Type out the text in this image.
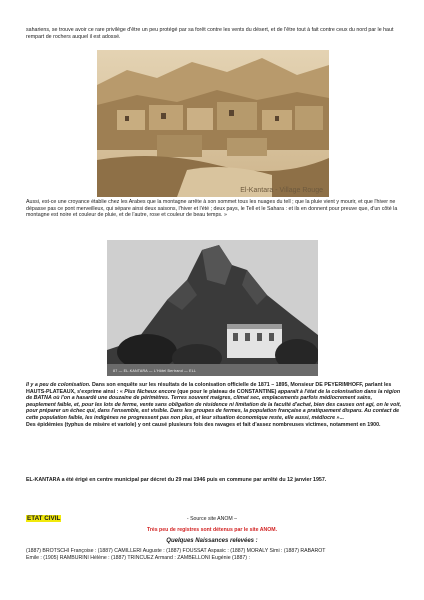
sahariens, se trouve avoir ce rare privilège d'être un peu protégé par sa forêt contre les vents du désert, et de l'être tout à fait contre ceux du nord par le haut rempart de rochers auquel il est adossé.

El-Kantara - Village Rouge

Aussi, est-ce une croyance établie chez les Arabes que la montagne arrête à son sommet tous les nuages du tell ; que la pluie vient y mourir, et que l'hiver ne dépasse pas ce pont merveilleux, qui sépare ainsi deux saisons, l'hiver et l'été ; deux pays, le Tell et le Sahara : et ils en donnent pour preuve que, d'un côté la montagne est noire et couleur de pluie, et de l'autre, rose et couleur de beau temps. »

87 — EL-KANTARA — L'Hôtel Bertrand — ELL

Il y a peu de colonisation. Dans son enquête sur les résultats de la colonisation officielle de 1871 – 1895, Monsieur DE PEYERIMHOFF, parlant les HAUTS-PLATEAUX, s'exprime ainsi : « Plus fâcheux encore (que pour le plateau de CONSTANTINE) apparaît à l'état de la colonisation dans la région de BATNA où l'on a hasardé une douzaine de périmètres. Terres souvent maigres, climat sec, emplacements parfois médiocrement sains, peuplement faible, et, pour les lots de ferme, vente sans obligation de résidence ni limitation de la faculté d'achat, bien des causes ont agi, on le voit, pour préparer un échec qui, dans l'ensemble, est visible. Dans les groupes de fermes, la population française a pratiquement disparu. Au contact de cette population faible, les indigènes ne progressent pas non plus, et leur situation économique reste, elle aussi, médiocre »...
Des épidémies (typhus de misère et variole) y ont causé plusieurs fois des ravages et fait d'assez nombreuses victimes, notamment en 1900.

EL-KANTARA a été érigé en centre municipal par décret du 29 mai 1946 puis en commune par arrêté du 12 janvier 1957.

ETAT CIVIL	- Source site ANOM –
Très peu de registres sont détenus par le site ANOM.
Quelques Naissances relevées :
(1887) BROTSCHI Françoise : (1887) CAMILLERI Auguste : (1887) FOUSSAT Aspasic : (1887) MORALY Simi : (1887) RABAROT
Emile : (1905) RAMBURINI Hélène : (1887) TRINCUEZ Armand : ZAMBELLONI Eugénie (1887) :
